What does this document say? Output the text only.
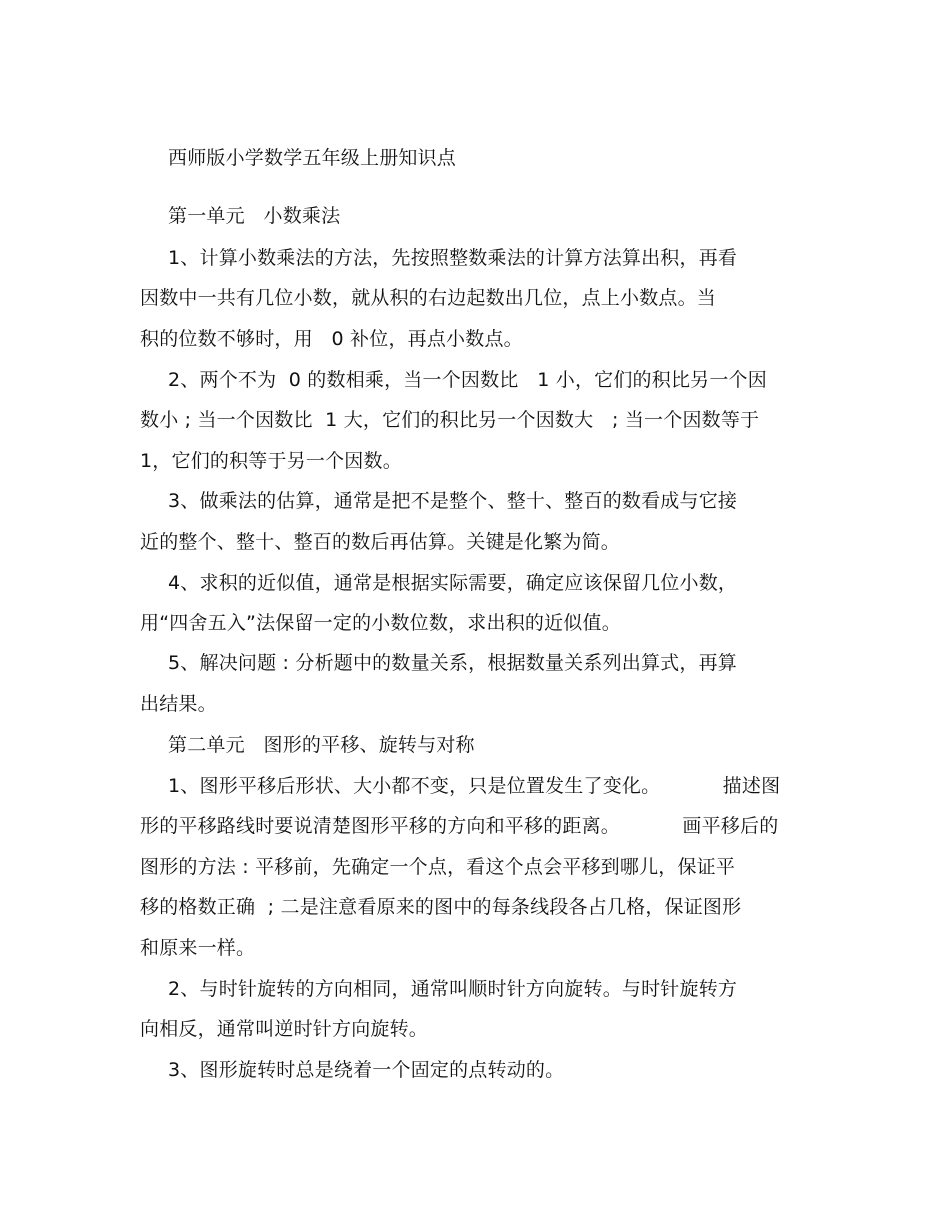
西师版小学数学五年级上册知识点
第一单元   小数乘法
1、计算小数乘法的方法，先按照整数乘法的计算方法算出积，再看
因数中一共有几位小数，就从积的右边起数出几位，点上小数点。当
积的位数不够时，用   0 补位，再点小数点。
2、两个不为  0 的数相乘，当一个因数比   1 小，它们的积比另一个因
数小 ; 当一个因数比  1 大，它们的积比另一个因数大   ; 当一个因数等于
1，它们的积等于另一个因数。
3、做乘法的估算，通常是把不是整个、整十、整百的数看成与它接
近的整个、整十、整百的数后再估算。关键是化繁为简。
4、求积的近似值，通常是根据实际需要，确定应该保留几位小数，
用“四舍五入”法保留一定的小数位数，求出积的近似值。
5、解决问题 : 分析题中的数量关系，根据数量关系列出算式，再算
出结果。
第二单元   图形的平移、旋转与对称
1、图形平移后形状、大小都不变，只是位置发生了变化。          描述图
形的平移路线时要说清楚图形平移的方向和平移的距离。          画平移后的
图形的方法 : 平移前，先确定一个点，看这个点会平移到哪儿，保证平
移的格数正确  ; 二是注意看原来的图中的每条线段各占几格，保证图形
和原来一样。
2、与时针旋转的方向相同，通常叫顺时针方向旋转。与时针旋转方
向相反，通常叫逆时针方向旋转。
3、图形旋转时总是绕着一个固定的点转动的。
